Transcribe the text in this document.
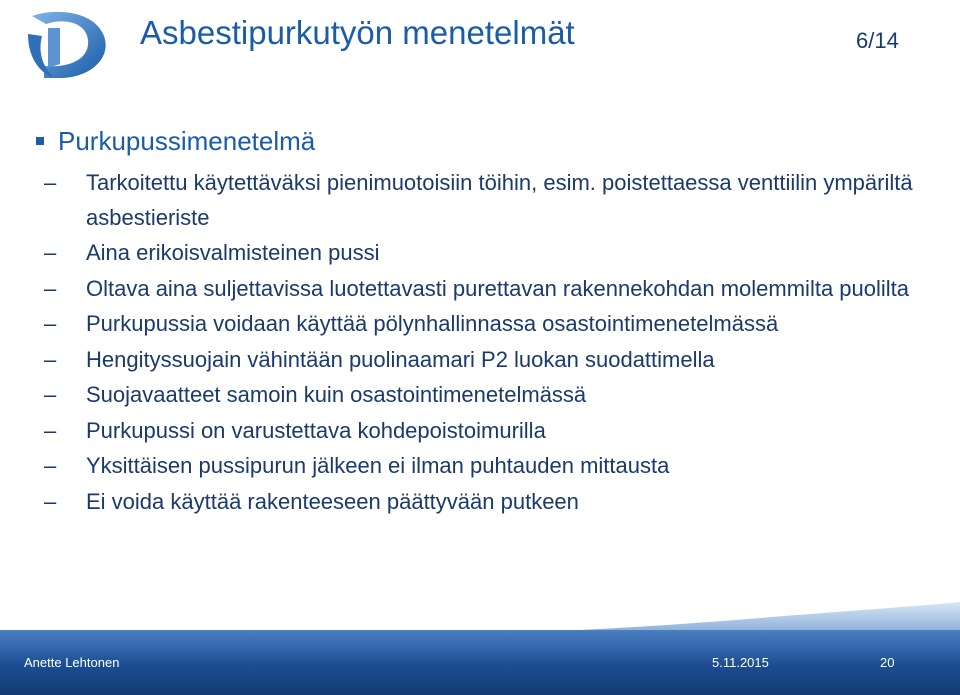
Asbestipurkutyön menetelmät	6/14
Purkupussimenetelmä
–	Tarkoitettu käytettäväksi pienimuotoisiin töihin, esim. poistettaessa venttiilin ympäriltä asbestieriste
–	Aina erikoisvalmisteinen pussi
–	Oltava aina suljettavissa luotettavasti purettavan rakennekohdan molemmilta puolilta
–	Purkupussia voidaan käyttää pölynhallinnassa osastointimenetelmässä
–	Hengityssuojain vähintään puolinaamari P2 luokan suodattimella
–	Suojavaatteet samoin kuin osastointimenetelmässä
–	Purkupussi on varustettava kohdepoistoimurilla
–	Yksittäisen pussipurun jälkeen ei ilman puhtauden mittausta
–	Ei voida käyttää rakenteeseen päättyvään putkeen
Anette Lehtonen	5.11.2015	20
